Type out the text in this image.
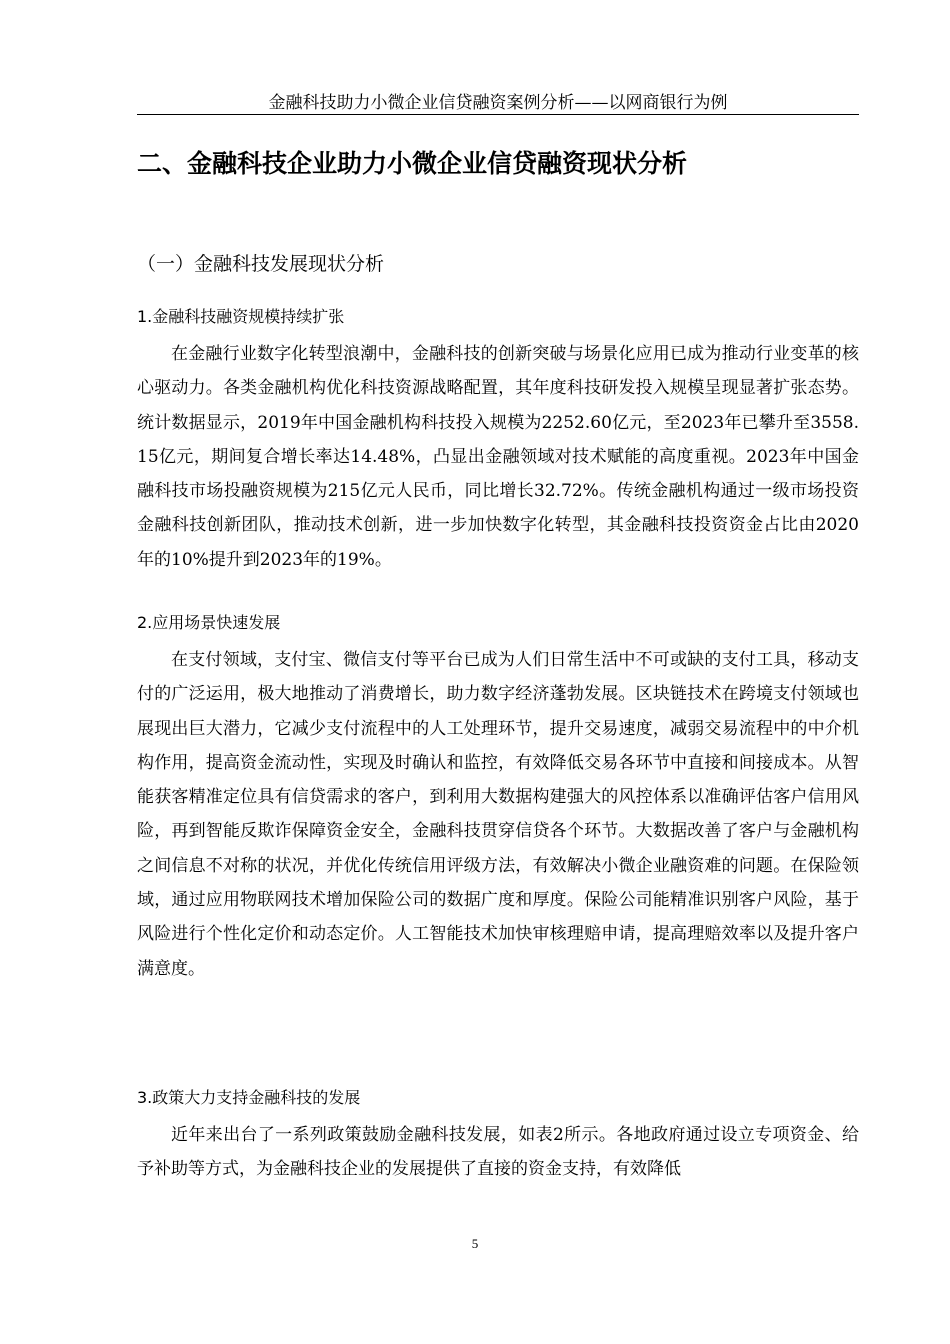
金融科技助力小微企业信贷融资案例分析——以网商银行为例
二、金融科技企业助力小微企业信贷融资现状分析
（一）金融科技发展现状分析
1.金融科技融资规模持续扩张

在金融行业数字化转型浪潮中，金融科技的创新突破与场景化应用已成为推动行业变革的核心驱动力。各类金融机构优化科技资源战略配置，其年度科技研发投入规模呈现显著扩张态势。统计数据显示，2019年中国金融机构科技投入规模为2252.60亿元，至2023年已攀升至3558.15亿元，期间复合增长率达14.48%，凸显出金融领域对技术赋能的高度重视。2023年中国金融科技市场投融资规模为215亿元人民币，同比增长32.72%。传统金融机构通过一级市场投资金融科技创新团队，推动技术创新，进一步加快数字化转型，其金融科技投资资金占比由2020年的10%提升到2023年的19%。

2.应用场景快速发展

在支付领域，支付宝、微信支付等平台已成为人们日常生活中不可或缺的支付工具，移动支付的广泛运用，极大地推动了消费增长，助力数字经济蓬勃发展。区块链技术在跨境支付领域也展现出巨大潜力，它减少支付流程中的人工处理环节，提升交易速度，减弱交易流程中的中介机构作用，提高资金流动性，实现及时确认和监控，有效降低交易各环节中直接和间接成本。从智能获客精准定位具有信贷需求的客户，到利用大数据构建强大的风控体系以准确评估客户信用风险，再到智能反欺诈保障资金安全，金融科技贯穿信贷各个环节。大数据改善了客户与金融机构之间信息不对称的状况，并优化传统信用评级方法，有效解决小微企业融资难的问题。在保险领域，通过应用物联网技术增加保险公司的数据广度和厚度。保险公司能精准识别客户风险，基于风险进行个性化定价和动态定价。人工智能技术加快审核理赔申请，提高理赔效率以及提升客户满意度。

3.政策大力支持金融科技的发展

近年来出台了一系列政策鼓励金融科技发展，如表2所示。各地政府通过设立专项资金、给予补助等方式，为金融科技企业的发展提供了直接的资金支持，有效降低

5
